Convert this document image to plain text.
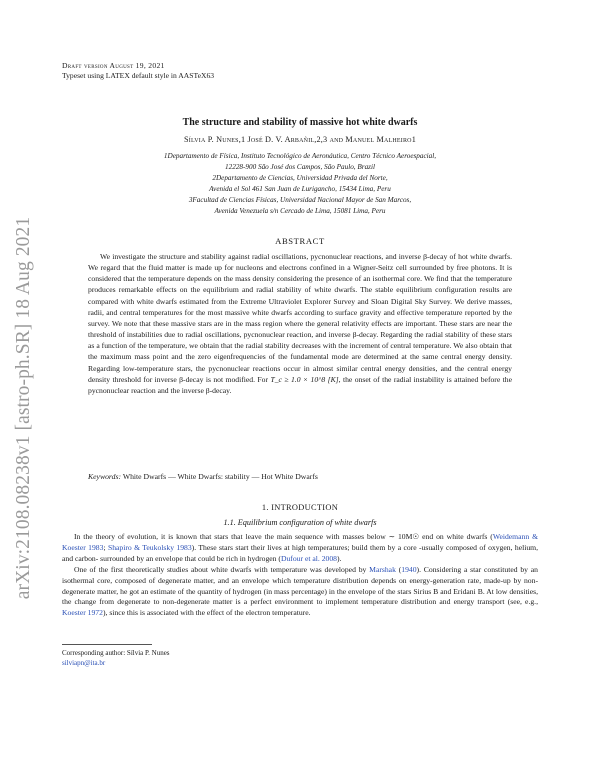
arXiv:2108.08238v1 [astro-ph.SR] 18 Aug 2021
Draft version August 19, 2021
Typeset using LATEX default style in AASTeX63
The structure and stability of massive hot white dwarfs
Sílvia P. Nunes,1 José D. V. Arbañil,2,3 and Manuel Malheiro1
1Departamento de Física, Instituto Tecnológico de Aeronáutica, Centro Técnico Aeroespacial,
12228-900 São José dos Campos, São Paulo, Brazil
2Departamento de Ciencias, Universidad Privada del Norte,
Avenida el Sol 461 San Juan de Lurigancho, 15434 Lima, Peru
3Facultad de Ciencias Físicas, Universidad Nacional Mayor de San Marcos,
Avenida Venezuela s/n Cercado de Lima, 15081 Lima, Peru
ABSTRACT

We investigate the structure and stability against radial oscillations, pycnonuclear reactions, and inverse β-decay of hot white dwarfs. We regard that the fluid matter is made up for nucleons and electrons confined in a Wigner-Seitz cell surrounded by free photons. It is considered that the temperature depends on the mass density considering the presence of an isothermal core. We find that the temperature produces remarkable effects on the equilibrium and radial stability of white dwarfs. The stable equilibrium configuration results are compared with white dwarfs estimated from the Extreme Ultraviolet Explorer Survey and Sloan Digital Sky Survey. We derive masses, radii, and central temperatures for the most massive white dwarfs according to surface gravity and effective temperature reported by the survey. We note that these massive stars are in the mass region where the general relativity effects are important. These stars are near the threshold of instabilities due to radial oscillations, pycnonuclear reaction, and inverse β-decay. Regarding the radial stability of these stars as a function of the temperature, we obtain that the radial stability decreases with the increment of central temperature. We also obtain that the maximum mass point and the zero eigenfrequencies of the fundamental mode are determined at the same central energy density. Regarding low-temperature stars, the pycnonuclear reactions occur in almost similar central energy densities, and the central energy density threshold for inverse β-decay is not modified. For T_c ≥ 1.0 × 10^8 [K], the onset of the radial instability is attained before the pycnonuclear reaction and the inverse β-decay.

Keywords: White Dwarfs — White Dwarfs: stability — Hot White Dwarfs
1. INTRODUCTION
1.1. Equilibrium configuration of white dwarfs

In the theory of evolution, it is known that stars that leave the main sequence with masses below ∼ 10M☉ end on white dwarfs (Weidemann & Koester 1983; Shapiro & Teukolsky 1983). These stars start their lives at high temperatures; build them by a core -usually composed of oxygen, helium, and carbon- surrounded by an envelope that could be rich in hydrogen (Dufour et al. 2008).

One of the first theoretically studies about white dwarfs with temperature was developed by Marshak (1940). Considering a star constituted by an isothermal core, composed of degenerate matter, and an envelope which temperature distribution depends on energy-generation rate, made-up by non-degenerate matter, he got an estimate of the quantity of hydrogen (in mass percentage) in the envelope of the stars Sirius B and Eridani B. At low densities, the change from degenerate to non-degenerate matter is a perfect environment to implement temperature distribution and energy transport (see, e.g., Koester 1972), since this is associated with the effect of the electron temperature.

Corresponding author: Sílvia P. Nunes
silviapn@ita.br
